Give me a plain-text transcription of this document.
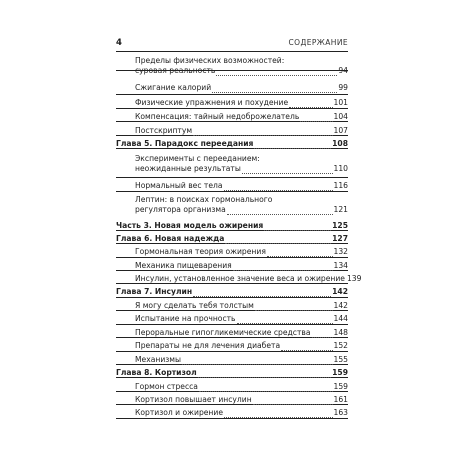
4	СОДЕРЖАНИЕ
Пределы физических возможностей:
суровая реальность	94
Сжигание калорий	99
Физические упражнения и похудение	101
Компенсация: тайный недоброжелатель	104
Постскриптум	107
Глава 5. Парадокс переедания	108
Эксперименты с перееданием:
неожиданные результаты	110
Нормальный вес тела	116
Лептин: в поисках гормонального
регулятора организма	121
Часть 3. Новая модель ожирения	125
Глава 6. Новая надежда	127
Гормональная теория ожирения	132
Механика пищеварения	134
Инсулин, установленное значение веса и ожирение 139
Глава 7. Инсулин	142
Я могу сделать тебя толстым	142
Испытание на прочность	144
Пероральные гипогликемические средства	148
Препараты не для лечения диабета	152
Механизмы	155
Глава 8. Кортизол	159
Гормон стресса	159
Кортизол повышает инсулин	161
Кортизол и ожирение	163
